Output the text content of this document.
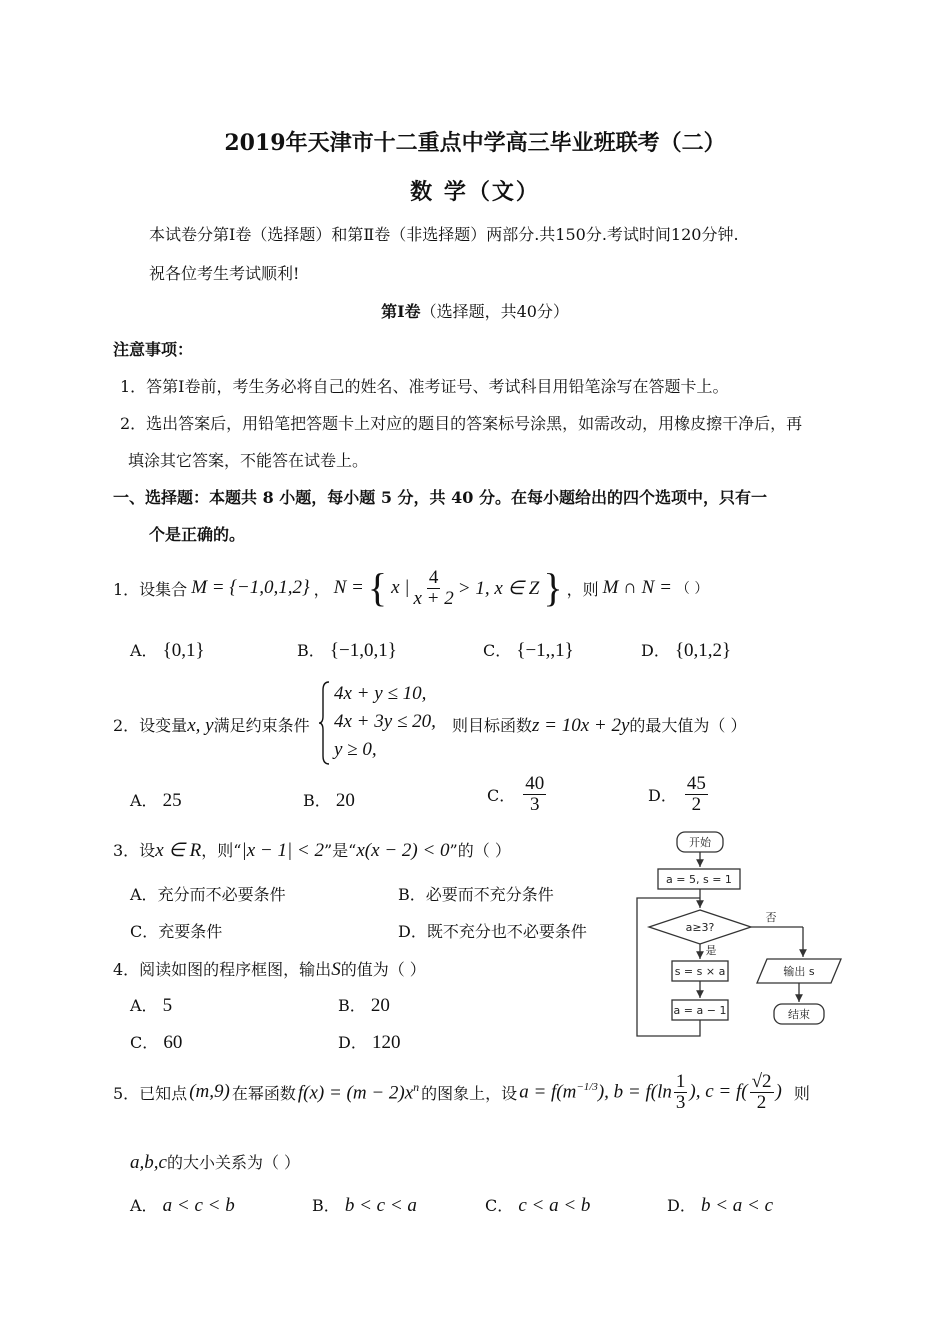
2019年天津市十二重点中学高三毕业班联考（二）
数 学（文）
本试卷分第Ⅰ卷（选择题）和第Ⅱ卷（非选择题）两部分.共150分.考试时间120分钟.
祝各位考生考试顺利!
第Ⅰ卷（选择题，共40分）
注意事项：
1．答第Ⅰ卷前，考生务必将自己的姓名、准考证号、考试科目用铅笔涂写在答题卡上。
2．选出答案后，用铅笔把答题卡上对应的题目的答案标号涂黑，如需改动，用橡皮擦干净后，再
填涂其它答案，不能答在试卷上。
一、选择题：本题共 8 小题，每小题 5 分，共 40 分。在每小题给出的四个选项中，只有一
个是正确的。
1．设集合 M = {−1,0,1,2} ， N = { x | $\frac{4}{x + 2} > 1$, x ∈ Z } ，则 M ∩ N = （ ）
A． {0,1}	B． {−1,0,1}	C． {−1,,1}	D． {0,1,2}
2．设变量x, y满足约束条件
4x + y ≤ 10,
4x + 3y ≤ 20,
y ≥ 0,
则目标函数z = 10x + 2y的最大值为（ ）
A． 25	B． 20	C． $\frac{40}{3}$	D． $\frac{45}{2}$
3．设x ∈ R，则“|x − 1| < 2”是“x(x − 2) < 0”的（ ）
A．充分而不必要条件	B．必要而不充分条件
C．充要条件	D．既不充分也不必要条件
4．阅读如图的程序框图，输出S的值为（ ）
A． 5	B． 20
C． 60	D． 120
开始
a = 5, s = 1
a≥3?
否
是
s = s × a
a = a − 1
输出 s
结束
5．已知点 (m,9) 在幂函数 $f(x) = (m - 2)x^n$ 的图象上，设 $a = f(m^{-1/3})$, $b = f(\ln \frac{1}{3}$ ), $c = f( \frac{√2}{2}$ ) 则
a,b,c的大小关系为（ ）
A． a < c < b	B． b < c < a	C． c < a < b	D． b < a < c
